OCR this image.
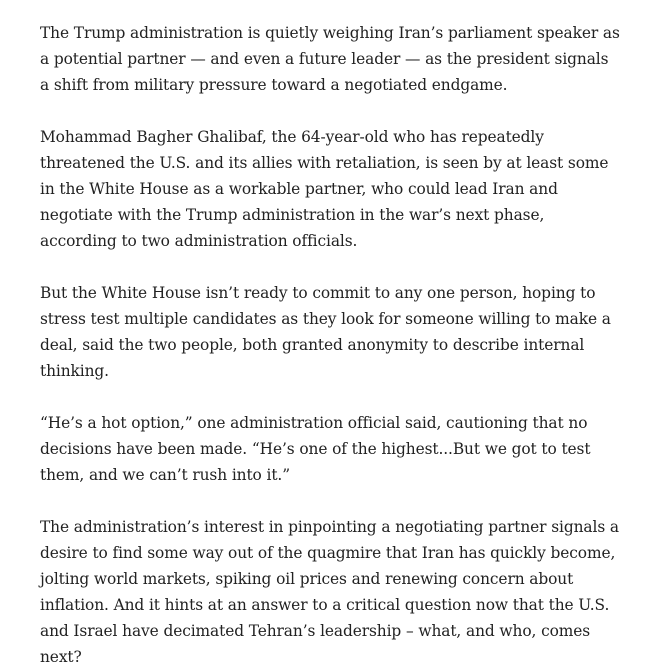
The Trump administration is quietly weighing Iran’s parliament speaker as a potential partner — and even a future leader — as the president signals a shift from military pressure toward a negotiated endgame.

Mohammad Bagher Ghalibaf, the 64-year-old who has repeatedly threatened the U.S. and its allies with retaliation, is seen by at least some in the White House as a workable partner, who could lead Iran and negotiate with the Trump administration in the war’s next phase, according to two administration officials.

But the White House isn’t ready to commit to any one person, hoping to stress test multiple candidates as they look for someone willing to make a deal, said the two people, both granted anonymity to describe internal thinking.

“He’s a hot option,” one administration official said, cautioning that no decisions have been made. “He’s one of the highest...But we got to test them, and we can’t rush into it.”

The administration’s interest in pinpointing a negotiating partner signals a desire to find some way out of the quagmire that Iran has quickly become, jolting world markets, spiking oil prices and renewing concern about inflation. And it hints at an answer to a critical question now that the U.S. and Israel have decimated Tehran’s leadership – what, and who, comes next?
